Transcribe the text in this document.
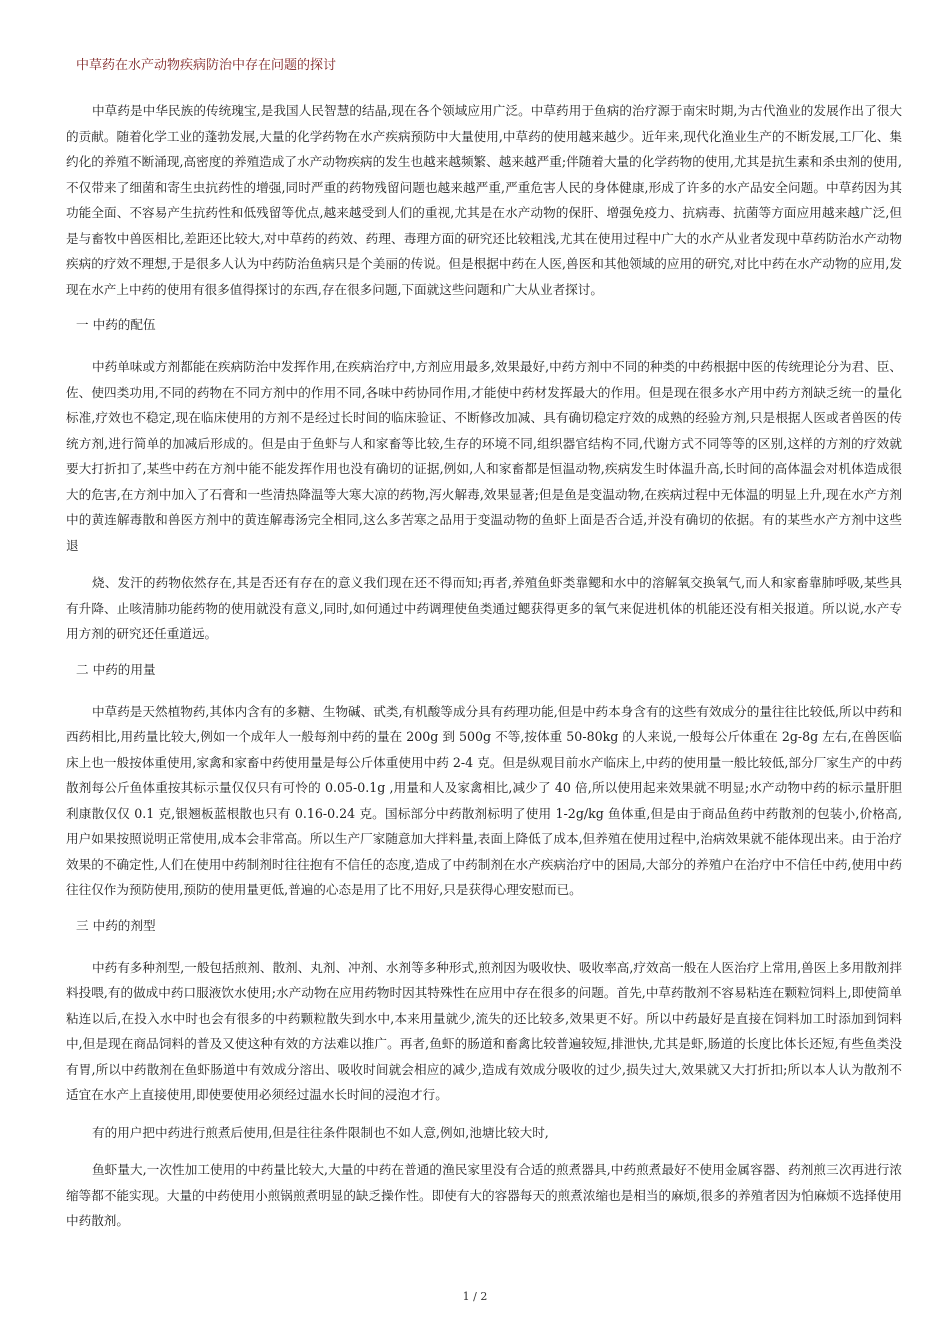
中草药在水产动物疾病防治中存在问题的探讨

中草药是中华民族的传统瑰宝,是我国人民智慧的结晶,现在各个领域应用广泛。中草药用于鱼病的治疗源于南宋时期,为古代渔业的发展作出了很大的贡献。随着化学工业的蓬勃发展,大量的化学药物在水产疾病预防中大量使用,中草药的使用越来越少。近年来,现代化渔业生产的不断发展,工厂化、集约化的养殖不断涌现,高密度的养殖造成了水产动物疾病的发生也越来越频繁、越来越严重;伴随着大量的化学药物的使用,尤其是抗生素和杀虫剂的使用,不仅带来了细菌和寄生虫抗药性的增强,同时严重的药物残留问题也越来越严重,严重危害人民的身体健康,形成了许多的水产品安全问题。中草药因为其功能全面、不容易产生抗药性和低残留等优点,越来越受到人们的重视,尤其是在水产动物的保肝、增强免疫力、抗病毒、抗菌等方面应用越来越广泛,但是与畜牧中兽医相比,差距还比较大,对中草药的药效、药理、毒理方面的研究还比较粗浅,尤其在使用过程中广大的水产从业者发现中草药防治水产动物疾病的疗效不理想,于是很多人认为中药防治鱼病只是个美丽的传说。但是根据中药在人医,兽医和其他领域的应用的研究,对比中药在水产动物的应用,发现在水产上中药的使用有很多值得探讨的东西,存在很多问题,下面就这些问题和广大从业者探讨。

一 中药的配伍

中药单味或方剂都能在疾病防治中发挥作用,在疾病治疗中,方剂应用最多,效果最好,中药方剂中不同的种类的中药根据中医的传统理论分为君、臣、佐、使四类功用,不同的药物在不同方剂中的作用不同,各味中药协同作用,才能使中药材发挥最大的作用。但是现在很多水产用中药方剂缺乏统一的量化标准,疗效也不稳定,现在临床使用的方剂不是经过长时间的临床验证、不断修改加减、具有确切稳定疗效的成熟的经验方剂,只是根据人医或者兽医的传统方剂,进行简单的加减后形成的。但是由于鱼虾与人和家畜等比较,生存的环境不同,组织器官结构不同,代谢方式不同等等的区别,这样的方剂的疗效就要大打折扣了,某些中药在方剂中能不能发挥作用也没有确切的证据,例如,人和家畜都是恒温动物,疾病发生时体温升高,长时间的高体温会对机体造成很大的危害,在方剂中加入了石膏和一些清热降温等大寒大凉的药物,泻火解毒,效果显著;但是鱼是变温动物,在疾病过程中无体温的明显上升,现在水产方剂中的黄连解毒散和兽医方剂中的黄连解毒汤完全相同,这么多苦寒之品用于变温动物的鱼虾上面是否合适,并没有确切的依据。有的某些水产方剂中这些退

烧、发汗的药物依然存在,其是否还有存在的意义我们现在还不得而知;再者,养殖鱼虾类靠鳃和水中的溶解氧交换氧气,而人和家畜靠肺呼吸,某些具有升降、止咳清肺功能药物的使用就没有意义,同时,如何通过中药调理使鱼类通过鳃获得更多的氧气来促进机体的机能还没有相关报道。所以说,水产专用方剂的研究还任重道远。

二 中药的用量

中草药是天然植物药,其体内含有的多糖、生物碱、甙类,有机酸等成分具有药理功能,但是中药本身含有的这些有效成分的量往往比较低,所以中药和西药相比,用药量比较大,例如一个成年人一般每剂中药的量在 200g 到 500g 不等,按体重 50-80kg 的人来说,一般每公斤体重在 2g-8g 左右,在兽医临床上也一般按体重使用,家禽和家畜中药使用量是每公斤体重使用中药 2-4 克。但是纵观目前水产临床上,中药的使用量一般比较低,部分厂家生产的中药散剂每公斤鱼体重按其标示量仅仅只有可怜的 0.05-0.1g ,用量和人及家禽相比,减少了 40 倍,所以使用起来效果就不明显;水产动物中药的标示量肝胆利康散仅仅 0.1 克,银翘板蓝根散也只有 0.16-0.24 克。国标部分中药散剂标明了使用 1-2g/kg 鱼体重,但是由于商品鱼药中药散剂的包装小,价格高,用户如果按照说明正常使用,成本会非常高。所以生产厂家随意加大拌料量,表面上降低了成本,但养殖在使用过程中,治病效果就不能体现出来。由于治疗效果的不确定性,人们在使用中药制剂时往往抱有不信任的态度,造成了中药制剂在水产疾病治疗中的困局,大部分的养殖户在治疗中不信任中药,使用中药往往仅作为预防使用,预防的使用量更低,普遍的心态是用了比不用好,只是获得心理安慰而已。

三 中药的剂型

中药有多种剂型,一般包括煎剂、散剂、丸剂、冲剂、水剂等多种形式,煎剂因为吸收快、吸收率高,疗效高一般在人医治疗上常用,兽医上多用散剂拌料投喂,有的做成中药口服液饮水使用;水产动物在应用药物时因其特殊性在应用中存在很多的问题。首先,中草药散剂不容易粘连在颗粒饲料上,即使简单粘连以后,在投入水中时也会有很多的中药颗粒散失到水中,本来用量就少,流失的还比较多,效果更不好。所以中药最好是直接在饲料加工时添加到饲料中,但是现在商品饲料的普及又使这种有效的方法难以推广。再者,鱼虾的肠道和畜禽比较普遍较短,排泄快,尤其是虾,肠道的长度比体长还短,有些鱼类没有胃,所以中药散剂在鱼虾肠道中有效成分溶出、吸收时间就会相应的减少,造成有效成分吸收的过少,损失过大,效果就又大打折扣;所以本人认为散剂不适宜在水产上直接使用,即使要使用必须经过温水长时间的浸泡才行。

有的用户把中药进行煎煮后使用,但是往往条件限制也不如人意,例如,池塘比较大时,

鱼虾量大,一次性加工使用的中药量比较大,大量的中药在普通的渔民家里没有合适的煎煮器具,中药煎煮最好不使用金属容器、药剂煎三次再进行浓缩等都不能实现。大量的中药使用小煎锅煎煮明显的缺乏操作性。即使有大的容器每天的煎煮浓缩也是相当的麻烦,很多的养殖者因为怕麻烦不选择使用中药散剂。

1 / 2
